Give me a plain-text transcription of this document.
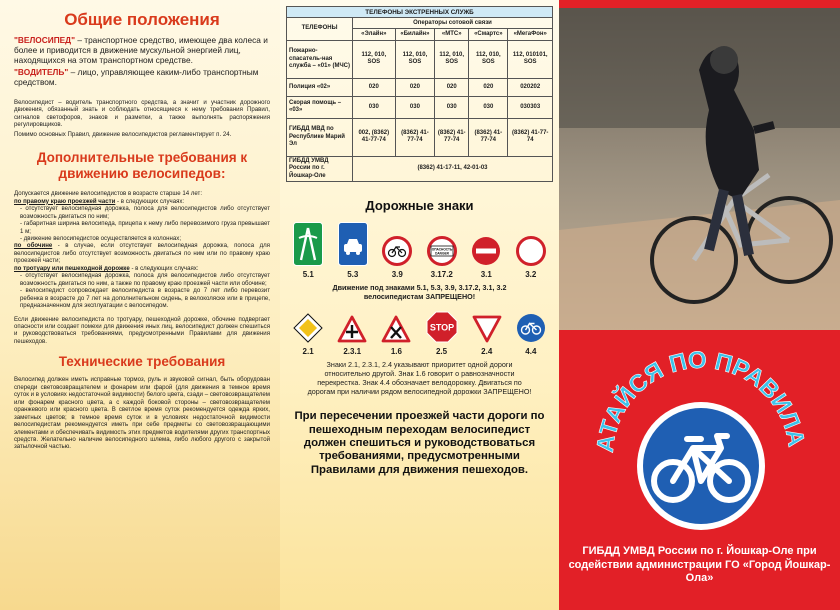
Общие положения

"ВЕЛОСИПЕД" – транспортное средство, имеющее два колеса и более и приводится в движение мускульной энергией лиц, находящихся на этом транспортном средстве.

"ВОДИТЕЛЬ" – лицо, управляющее каким-либо транспортным средством.

Велосипедист – водитель транспортного средства, а значит и участник дорожного движения, обязанный знать и соблюдать относящиеся к нему требования Правил, сигналов светофоров, знаков и разметки, а также выполнять распоряжения регулировщиков.

Помимо основных Правил, движение велосипедистов регламентирует п. 24.

Дополнительные требования к движению велосипедов:

Допускается движение велосипедистов в возрасте старше 14 лет:

по правому краю проезжей части - в следующих случаях:

- отсутствует велосипедная дорожка, полоса для велосипедистов либо отсутствует возможность двигаться по ним;

- габаритная ширина велосипеда, прицепа к нему либо перевозимого груза превышает 1 м;

- движение велосипедистов осуществляется в колоннах;

по обочине - в случае, если отсутствует велосипедная дорожка, полоса для велосипедистов либо отсутствует возможность двигаться по ним или по правому краю проезжей части;

по тротуару или пешеходной дорожке - в следующих случаях:

- отсутствует велосипедная дорожка, полоса для велосипедистов либо отсутствует возможность двигаться по ним, а также по правому краю проезжей части или обочине;

- велосипедист сопровождает велосипедиста в возрасте до 7 лет либо перевозит ребенка в возрасте до 7 лет на дополнительном сидень, в велоколяске или в прицепе, предназначенном для эксплуатации с велосипедом.

Если движение велосипедиста по тротуару, пешеходной дорожке, обочине подвергает опасности или создает помехи для движения иных лиц, велосипедист должен спешиться и руководствоваться требованиями, предусмотренными Правилами для движения пешеходов.

Технические требования

Велосипед должен иметь исправные тормоз, руль и звуковой сигнал, быть оборудован спереди световозвращателем и фонарем или фарой (для движения в темное время суток и в условиях недостаточной видимости) белого цвета, сзади – световозвращателем или фонарем красного цвета, а с каждой боковой стороны – световозвращателем оранжевого или красного цвета. В светлое время суток рекомендуется одежда ярких, заметных цветов; в темное время суток и в условиях недостаточной видимости велосипедистам рекомендуется иметь при себе предметы со световозвращающими элементами и обеспечивать видимость этих предметов водителями других транспортных средств. Желательно наличие велосипедного шлема, либо любого другого с закрытой затылочной частью.

ТЕЛЕФОНЫ ЭКСТРЕННЫХ СЛУЖБ					
ТЕЛЕФОНЫ	Операторы сотовой связи				
	«Элайн»	«Билайн»	«МТС»	«Смартс»	«МегаФон»
Пожарно-спасатель-ная служба – «01» (МЧС)	112, 010, SOS	112, 010, SOS	112, 010, SOS	112, 010, SOS	112, 010101, SOS
Полиция «02»	020	020	020	020	020202
Скорая помощь – «03»	030	030	030	030	030303
ГИБДД МВД по Республике Марий Эл	002, (8362) 41-77-74	(8362) 41-77-74	(8362) 41-77-74	(8362) 41-77-74	(8362) 41-77-74
ГИБДД УМВД России по г. Йошкар-Оле	(8362) 41-17-11, 42-01-03				
Дорожные знаки
5.1	5.3	3.9
ОПАСНОСТЬ
DANGER
3.17.2	3.1	3.2
Движение под знаками 5.1, 5.3, 3.9, 3.17.2, 3.1, 3.2 велосипедистам ЗАПРЕЩЕНО!
2.1	2.3.1	1.6
STOP
2.5	2.4	4.4
Знаки 2.1, 2.3.1, 2.4 указывают приоритет одной дороги относительно другой. Знак 1.6 говорит о равнозначности перекрестка. Знак 4.4 обозначает велодорожку. Двигаться по дорогам при наличии рядом велосипедной дорожки ЗАПРЕЩЕНО!
При пересечении проезжей части дороги по пешеходным переходам велосипедист должен спешиться и руководствоваться требованиями, предусмотренными Правилами для движения пешеходов.
АТАЙСЯ ПО ПРАВИЛА
ГИБДД УМВД России по г. Йошкар-Оле при содействии администрации ГО «Город Йошкар-Ола»
